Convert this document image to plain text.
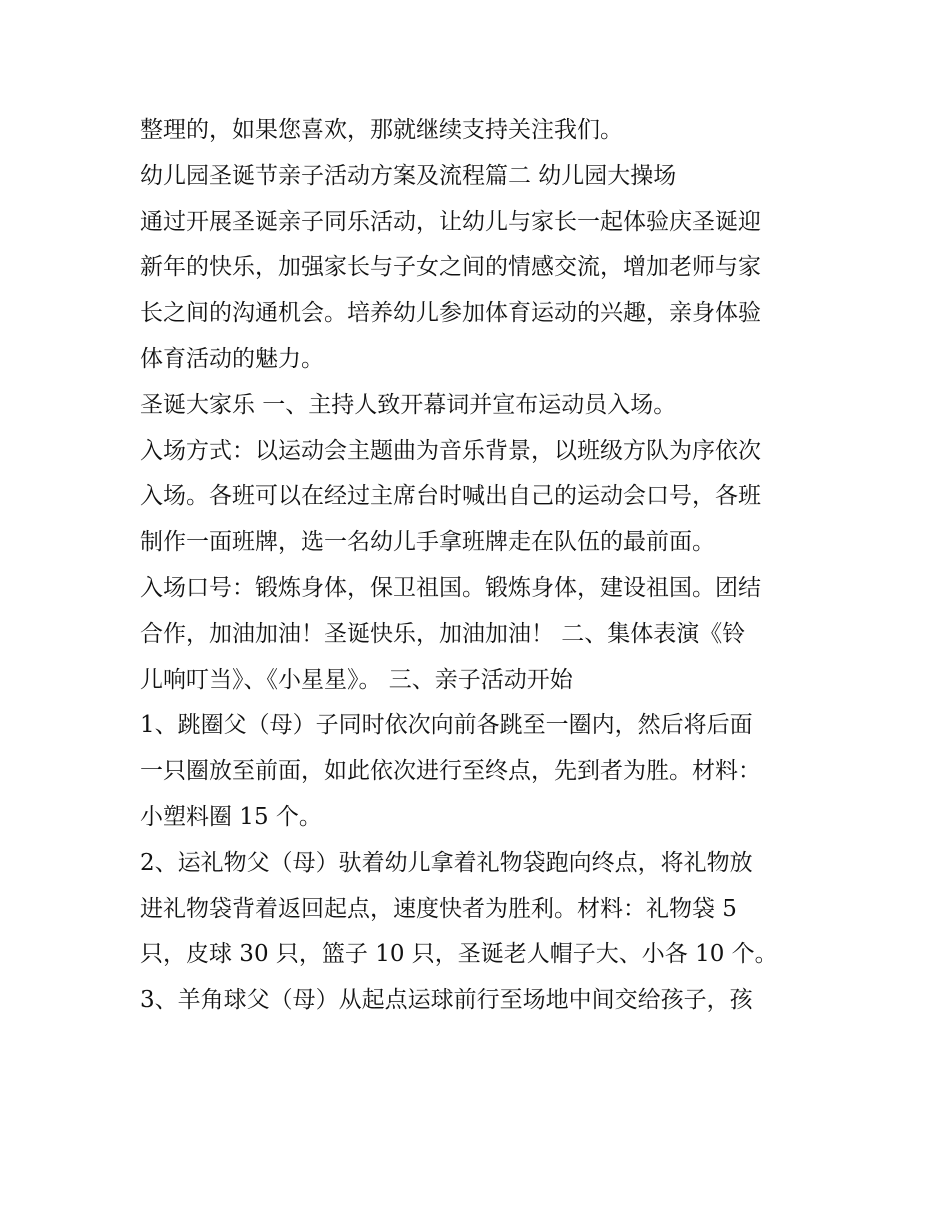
整理的，如果您喜欢，那就继续支持关注我们。
幼儿园圣诞节亲子活动方案及流程篇二 幼儿园大操场
通过开展圣诞亲子同乐活动，让幼儿与家长一起体验庆圣诞迎
新年的快乐，加强家长与子女之间的情感交流，增加老师与家
长之间的沟通机会。培养幼儿参加体育运动的兴趣，亲身体验
体育活动的魅力。
圣诞大家乐 一、主持人致开幕词并宣布运动员入场。
入场方式：以运动会主题曲为音乐背景，以班级方队为序依次
入场。各班可以在经过主席台时喊出自己的运动会口号，各班
制作一面班牌，选一名幼儿手拿班牌走在队伍的最前面。
入场口号：锻炼身体，保卫祖国。锻炼身体，建设祖国。团结
合作，加油加油！圣诞快乐，加油加油！ 二、集体表演《铃
儿响叮当》、《小星星》。 三、亲子活动开始
1、跳圈父（母）子同时依次向前各跳至一圈内，然后将后面
一只圈放至前面，如此依次进行至终点，先到者为胜。材料：
小塑料圈 15 个。
2、运礼物父（母）驮着幼儿拿着礼物袋跑向终点，将礼物放
进礼物袋背着返回起点，速度快者为胜利。材料：礼物袋 5
只，皮球 30 只，篮子 10 只，圣诞老人帽子大、小各 10 个。
3、羊角球父（母）从起点运球前行至场地中间交给孩子，孩
